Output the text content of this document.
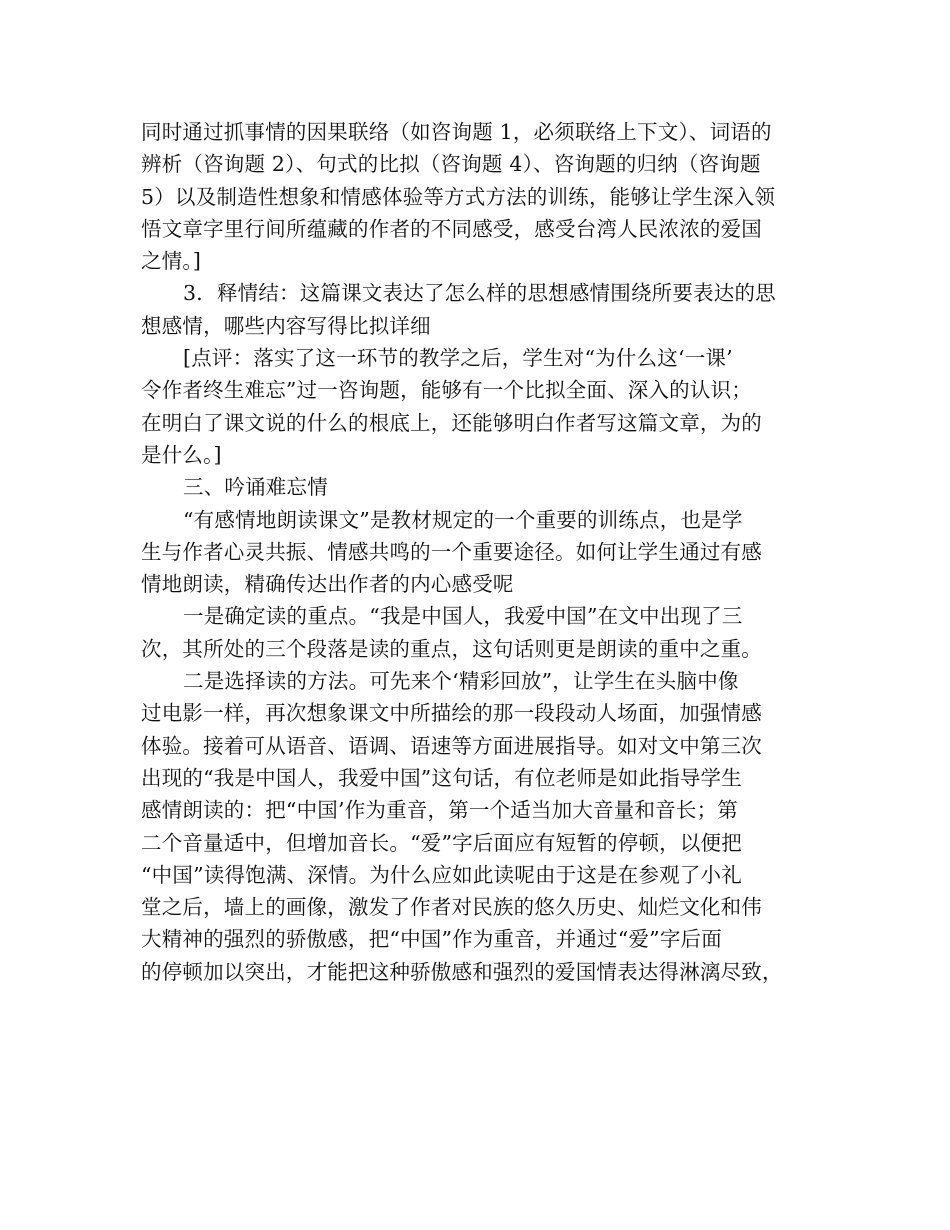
同时通过抓事情的因果联络（如咨询题 1，必须联络上下文）、词语的
辨析（咨询题 2）、句式的比拟（咨询题 4）、咨询题的归纳（咨询题
5）以及制造性想象和情感体验等方式方法的训练，能够让学生深入领
悟文章字里行间所蕴藏的作者的不同感受，感受台湾人民浓浓的爱国
之情。]
3．释情结：这篇课文表达了怎么样的思想感情围绕所要表达的思
想感情，哪些内容写得比拟详细
[点评：落实了这一环节的教学之后，学生对“为什么这‘一课’
令作者终生难忘”过一咨询题，能够有一个比拟全面、深入的认识；
在明白了课文说的什么的根底上，还能够明白作者写这篇文章，为的
是什么。]
三、吟诵难忘情
“有感情地朗读课文”是教材规定的一个重要的训练点，也是学
生与作者心灵共振、情感共鸣的一个重要途径。如何让学生通过有感
情地朗读，精确传达出作者的内心感受呢
一是确定读的重点。“我是中国人，我爱中国”在文中出现了三
次，其所处的三个段落是读的重点，这句话则更是朗读的重中之重。
二是选择读的方法。可先来个‘精彩回放”，让学生在头脑中像
过电影一样，再次想象课文中所描绘的那一段段动人场面，加强情感
体验。接着可从语音、语调、语速等方面进展指导。如对文中第三次
出现的“我是中国人，我爱中国”这句话，有位老师是如此指导学生
感情朗读的：把“中国’作为重音，第一个适当加大音量和音长；第
二个音量适中，但增加音长。“爱”字后面应有短暂的停顿，以便把
“中国”读得饱满、深情。为什么应如此读呢由于这是在参观了小礼
堂之后，墙上的画像，激发了作者对民族的悠久历史、灿烂文化和伟
大精神的强烈的骄傲感，把“中国”作为重音，并通过“爱”字后面
的停顿加以突出，才能把这种骄傲感和强烈的爱国情表达得淋漓尽致，
